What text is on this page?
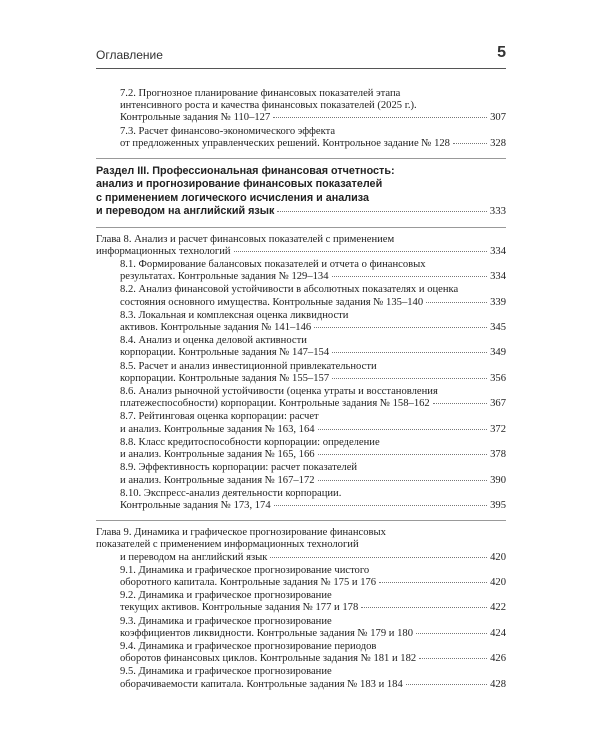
Оглавление	5
7.2. Прогнозное планирование финансовых показателей этапа
интенсивного роста и качества финансовых показателей (2025 г.).
Контрольные задания № 110–127	307
7.3. Расчет финансово-экономического эффекта
от предложенных управленческих решений. Контрольное задание № 128	328
Раздел III. Профессиональная финансовая отчетность:
анализ и прогнозирование финансовых показателей
с применением логического исчисления и анализа
и переводом на английский язык	333
Глава 8. Анализ и расчет финансовых показателей с применением
информационных технологий	334
8.1. Формирование балансовых показателей и отчета о финансовых
результатах. Контрольные задания № 129–134	334
8.2. Анализ финансовой устойчивости в абсолютных показателях и оценка
состояния основного имущества. Контрольные задания № 135–140	339
8.3. Локальная и комплексная оценка ликвидности
активов. Контрольные задания № 141–146	345
8.4. Анализ и оценка деловой активности
корпорации. Контрольные задания № 147–154	349
8.5. Расчет и анализ инвестиционной привлекательности
корпорации. Контрольные задания № 155–157	356
8.6. Анализ рыночной устойчивости (оценка утраты и восстановления
платежеспособности) корпорации. Контрольные задания № 158–162	367
8.7. Рейтинговая оценка корпорации: расчет
и анализ. Контрольные задания № 163, 164	372
8.8. Класс кредитоспособности корпорации: определение
и анализ. Контрольные задания № 165, 166	378
8.9. Эффективность корпорации: расчет показателей
и анализ. Контрольные задания № 167–172	390
8.10. Экспресс-анализ деятельности корпорации.
Контрольные задания № 173, 174	395
Глава 9. Динамика и графическое прогнозирование финансовых
показателей с применением информационных технологий
и переводом на английский язык	420
9.1. Динамика и графическое прогнозирование чистого
оборотного капитала. Контрольные задания № 175 и 176	420
9.2. Динамика и графическое прогнозирование
текущих активов. Контрольные задания № 177 и 178	422
9.3. Динамика и графическое прогнозирование
коэффициентов ликвидности. Контрольные задания № 179 и 180	424
9.4. Динамика и графическое прогнозирование периодов
оборотов финансовых циклов. Контрольные задания № 181 и 182	426
9.5. Динамика и графическое прогнозирование
оборачиваемости капитала. Контрольные задания № 183 и 184	428
